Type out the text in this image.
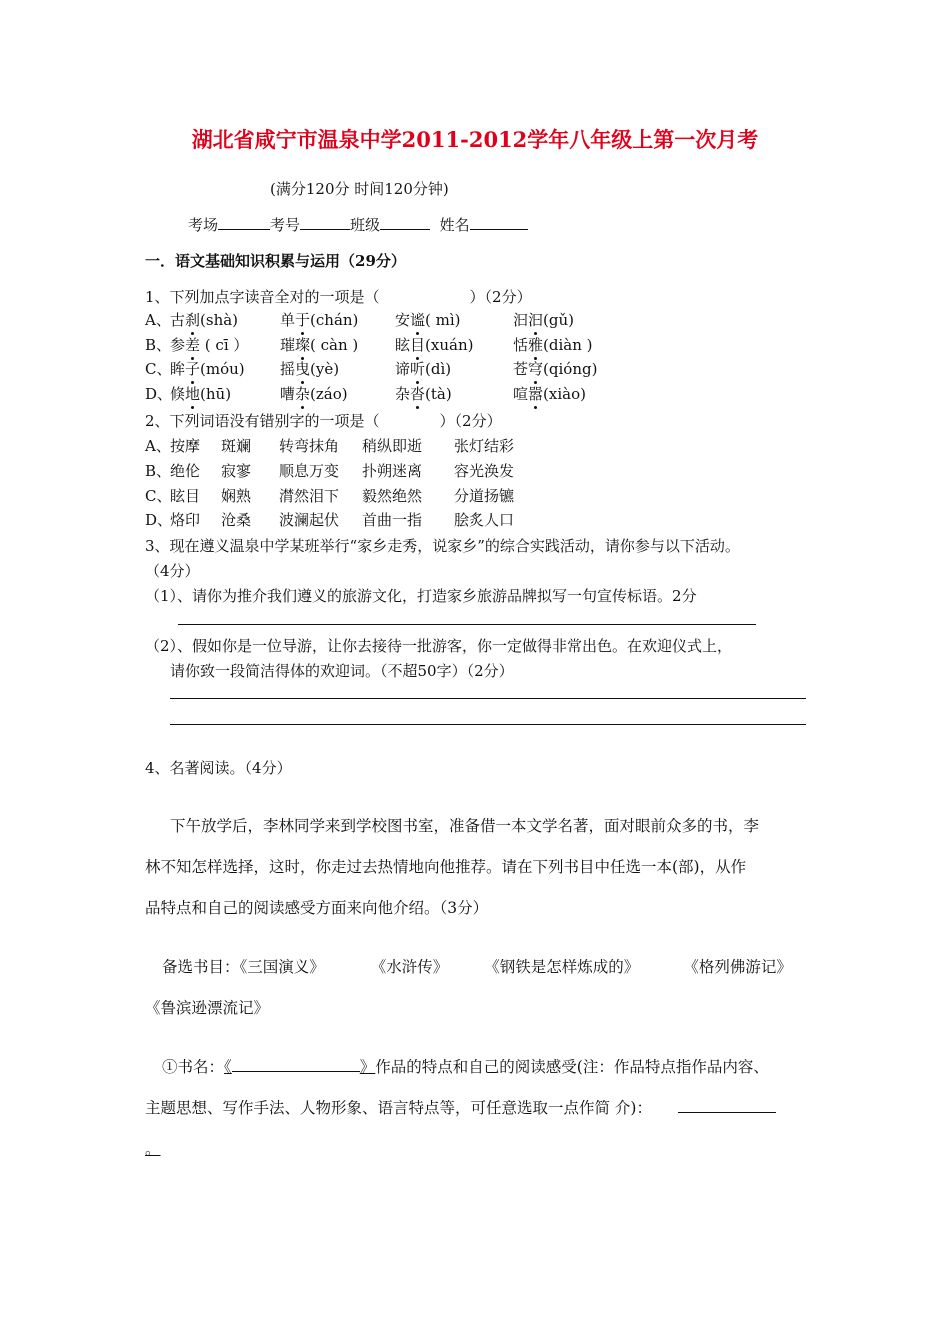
湖北省咸宁市温泉中学2011-2012学年八年级上第一次月考
(满分120分 时间120分钟)
考场	考号	班级	姓名
一．语文基础知识积累与运用（29分）
1、下列加点字读音全对的一项是（　　　　　　）（2分）
A、 古刹(shà)	单于(chán) 安谧( mì)	汩汩(gǔ)
B、
参差 ( cī ） 璀璨( càn ) 眩目(xuán)	恬雅(diàn )
C、
眸子(móu) 摇曳(yè)	谛听(dì)	苍穹(qióng)
D、
倏地(hū)	嘈杂(záo)	杂沓(tà)	喧嚣(xiào)
2、下列词语没有错别字的一项是（　　　　）（2分）
A、 按摩 斑斓 转弯抹角 稍纵即逝 张灯结彩
B、
绝伦 寂寥 顺息万变 扑朔迷离 容光涣发
C、
眩目 娴熟 潸然泪下 毅然绝然 分道扬镳
D、
烙印 沧桑 波澜起伏 首曲一指 脍炙人口
3、现在遵义温泉中学某班举行“家乡走秀，说家乡”的综合实践活动，请你参与以下活动。
（4分）
（1）、请你为推介我们遵义的旅游文化，打造家乡旅游品牌拟写一句宣传标语。2分
（2）、假如你是一位导游，让你去接待一批游客，你一定做得非常出色。在欢迎仪式上，
请你致一段简洁得体的欢迎词。（不超50字）（2分）
4、名著阅读。（4分）
下午放学后，李林同学来到学校图书室，准备借一本文学名著，面对眼前众多的书，李
林不知怎样选择，这时，你走过去热情地向他推荐。请在下列书目中任选一本(部)，从作
品特点和自己的阅读感受方面来向他介绍。（3分）
备选书目：《三国演义》	《水浒传》 《钢铁是怎样炼成的》	《格列佛游记》
《鲁滨逊漂流记》
①书名：《	》作品的特点和自己的阅读感受(注：作品特点指作品内容、
主题思想、写作手法、人物形象、语言特点等，可任意选取一点作简 介)：
。
